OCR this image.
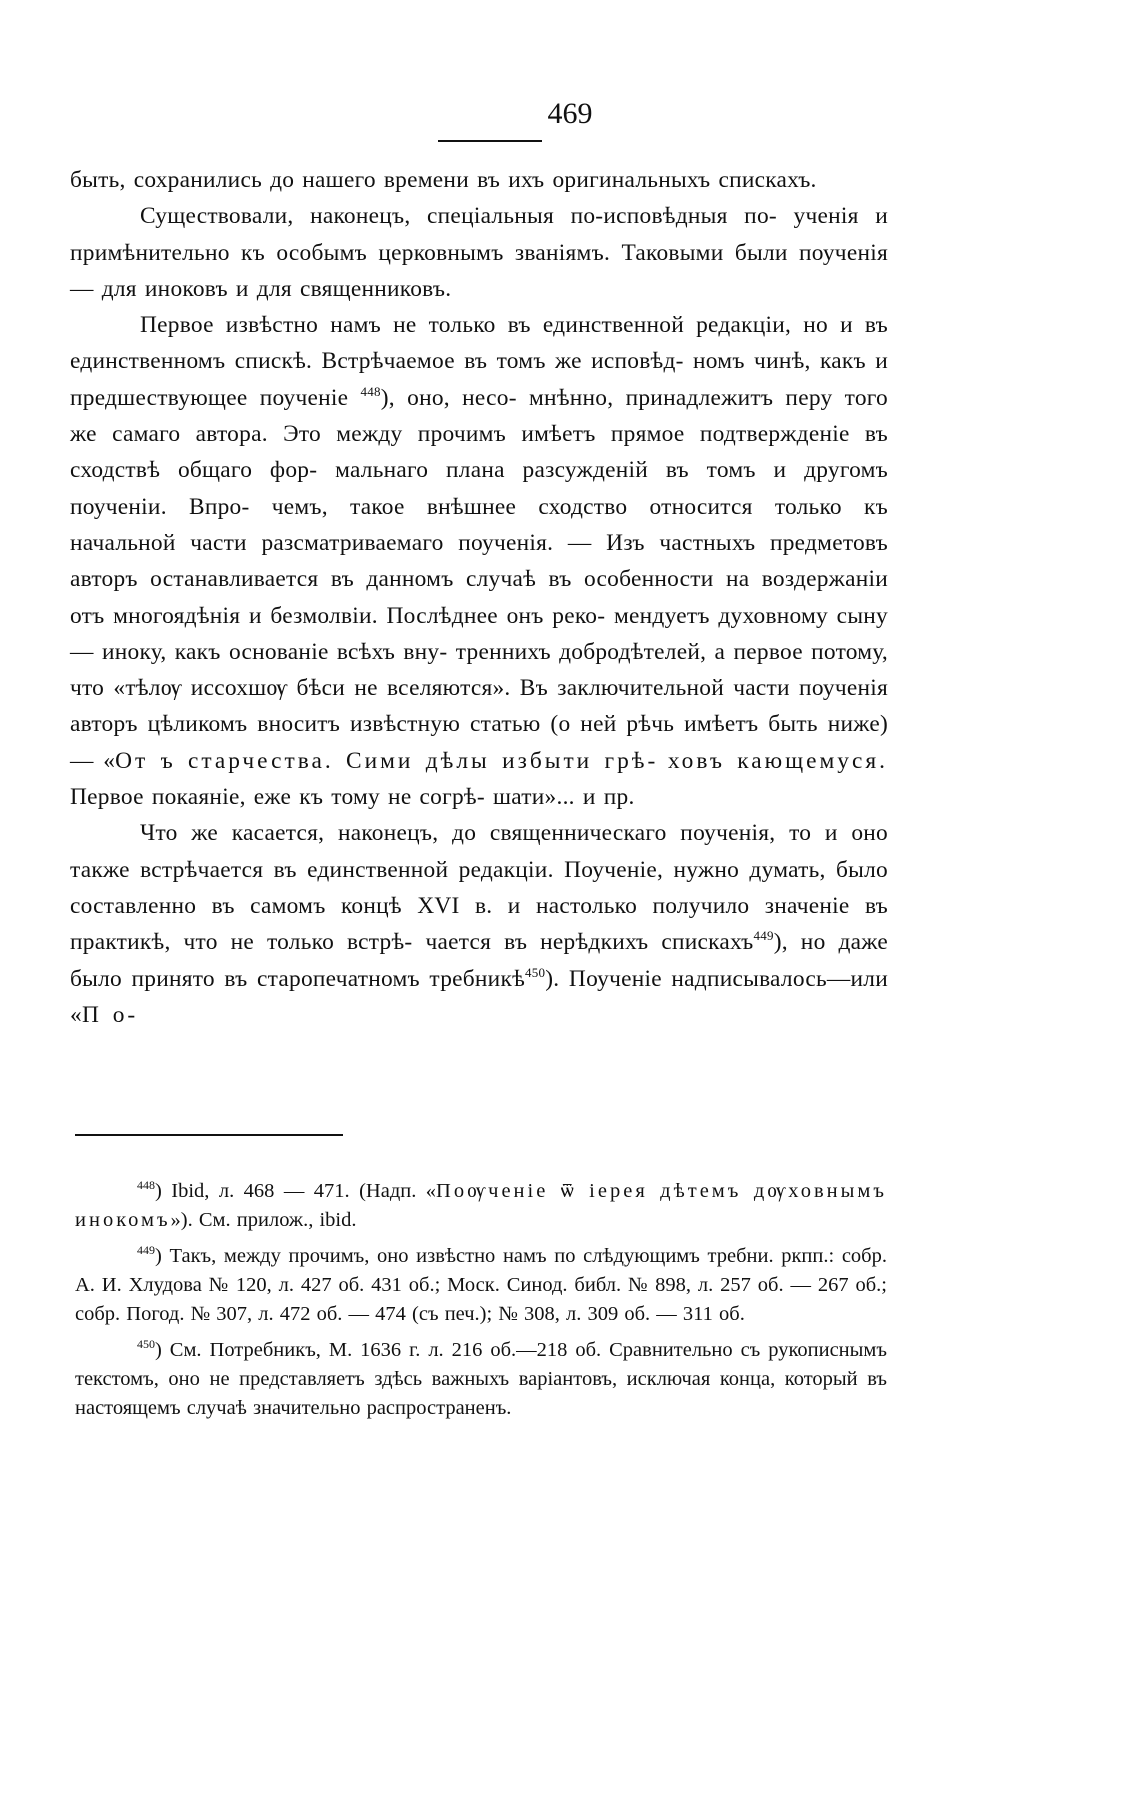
469

быть, сохранились до нашего времени въ ихъ оригинальныхъ спискахъ.

Существовали, наконецъ, спеціальныя по-исповѣдныя по- ученія и примѣнительно къ особымъ церковнымъ званіямъ. Таковыми были поученія — для иноковъ и для священниковъ.

Первое извѣстно намъ не только въ единственной редакціи, но и въ единственномъ спискѣ. Встрѣчаемое въ томъ же исповѣд- номъ чинѣ, какъ и предшествующее поученіе $^{448}$), оно, несо- мнѣнно, принадлежитъ перу того же самаго автора. Это между прочимъ имѣетъ прямое подтвержденіе въ сходствѣ общаго фор- мальнаго плана разсужденій въ томъ и другомъ поученіи. Впро- чемъ, такое внѣшнее сходство относится только къ начальной части разсматриваемаго поученія. — Изъ частныхъ предметовъ авторъ останавливается въ данномъ случаѣ въ особенности на воздержаніи отъ многоядѣнія и безмолвіи. Послѣднее онъ реко- мендуетъ духовному сыну — иноку, какъ основаніе всѣхъ вну- треннихъ добродѣтелей, а первое потому, что «тѣлѹ иссохшѹ бѣси не вселяются». Въ заключительной части поученія авторъ цѣликомъ вноситъ извѣстную статью (о ней рѣчь имѣетъ быть ниже) — «От ъ старчества. Сими дѣлы избыти грѣ- ховъ кающемуся. Первое покаяніе, еже къ тому не согрѣ- шати»... и пр.

Что же касается, наконецъ, до священническаго поученія, то и оно также встрѣчается въ единственной редакціи. Поученіе, нужно думать, было составленно въ самомъ концѣ XVI в. и настолько получило значеніе въ практикѣ, что не только встрѣ- чается въ нерѣдкихъ спискахъ$^{449}$), но даже было принято въ старопечатномъ требникѣ$^{450}$). Поученіе надписывалось—или «П о-

$^{448}$) Ibid, л. 468 — 471. (Надп. «Поѹченіе ѿ іерея дѣтемъ дѹховнымъ инокомъ»). См. прилож., ibid.

$^{449}$) Такъ, между прочимъ, оно извѣстно намъ по слѣдующимъ требни. ркпп.: собр. А. И. Хлудова № 120, л. 427 об. 431 об.; Моск. Синод. библ. № 898, л. 257 об. — 267 об.; собр. Погод. № 307, л. 472 об. — 474 (съ печ.); № 308, л. 309 об. — 311 об.

$^{450}$) См. Потребникъ, М. 1636 г. л. 216 об.—218 об. Сравнительно съ рукописнымъ текстомъ, оно не представляетъ здѣсь важныхъ варіантовъ, исключая конца, который въ настоящемъ случаѣ значительно распространенъ.
